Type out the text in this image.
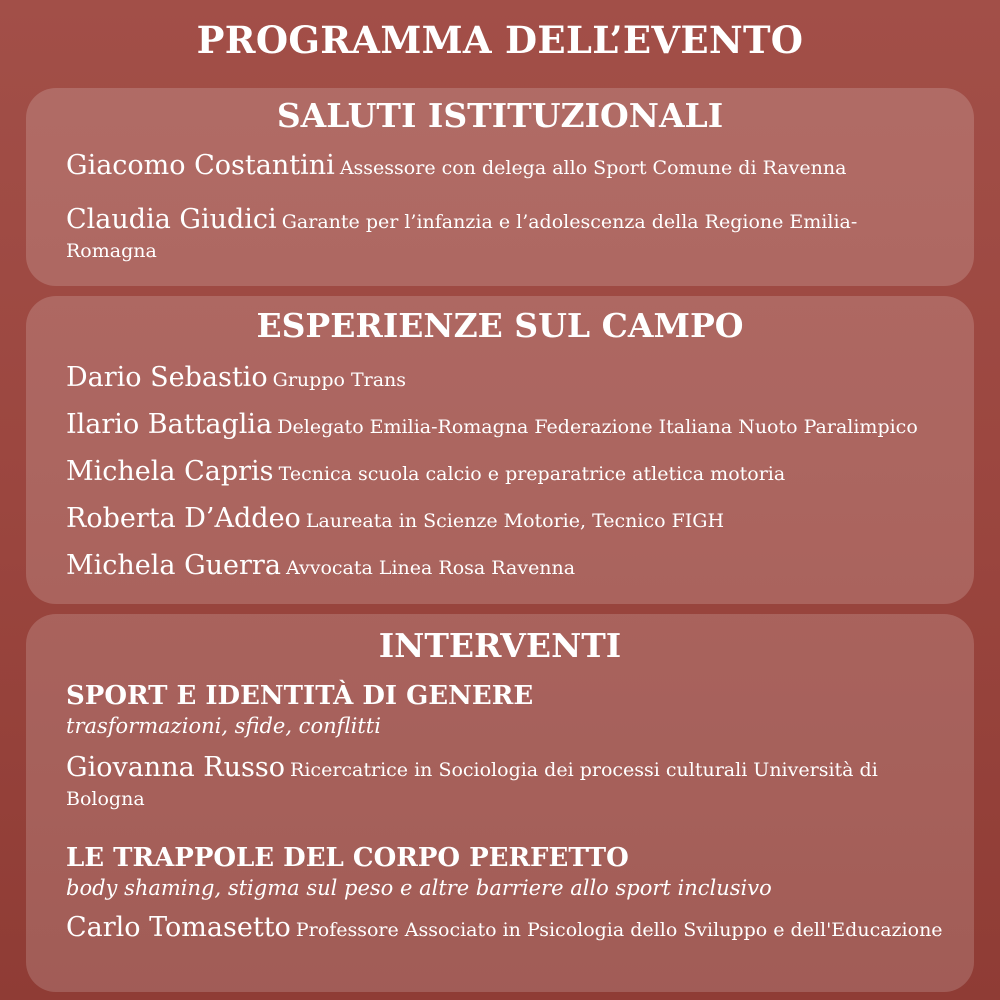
PROGRAMMA DELL’EVENTO
SALUTI ISTITUZIONALI
Giacomo Costantini Assessore con delega allo Sport Comune di Ravenna
Claudia Giudici Garante per l’infanzia e l’adolescenza della Regione Emilia-Romagna
ESPERIENZE SUL CAMPO
Dario Sebastio Gruppo Trans
Ilario Battaglia Delegato Emilia-Romagna Federazione Italiana Nuoto Paralimpico
Michela Capris Tecnica scuola calcio e preparatrice atletica motoria
Roberta D’Addeo Laureata in Scienze Motorie, Tecnico FIGH
Michela Guerra Avvocata Linea Rosa Ravenna
INTERVENTI
SPORT E IDENTITÀ DI GENERE
trasformazioni, sfide, conflitti
Giovanna Russo Ricercatrice in Sociologia dei processi culturali Università di Bologna
LE TRAPPOLE DEL CORPO PERFETTO
body shaming, stigma sul peso e altre barriere allo sport inclusivo
Carlo Tomasetto Professore Associato in Psicologia dello Sviluppo e dell'Educazione
